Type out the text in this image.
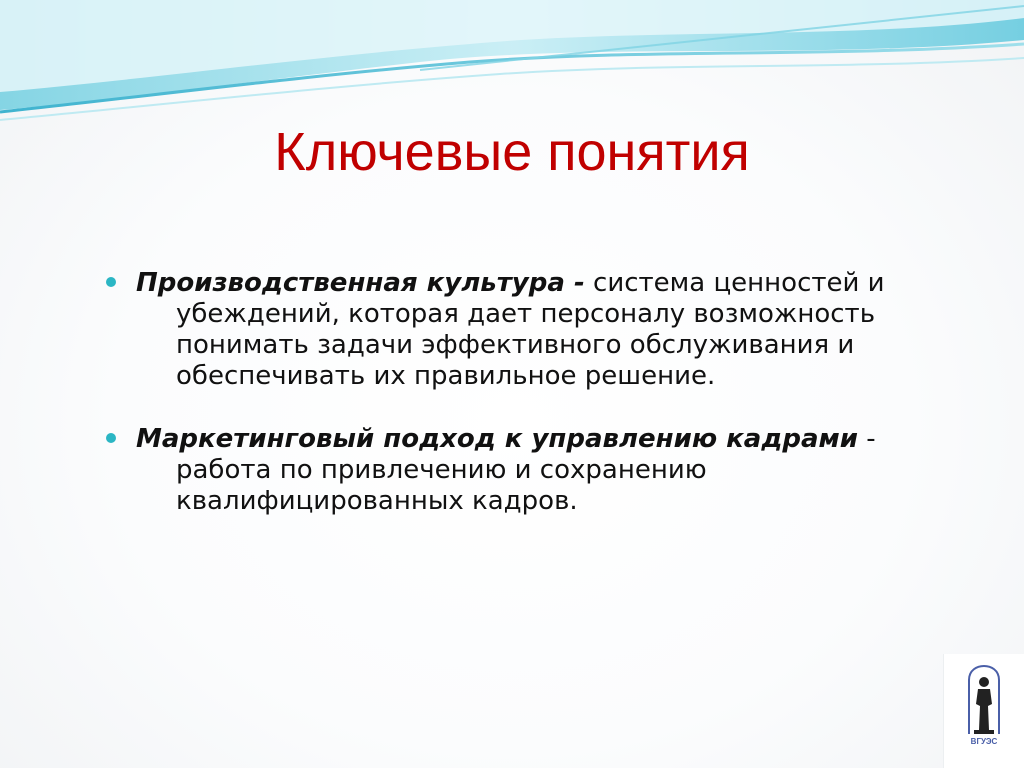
Ключевые понятия
Производственная культура - система ценностей и убеждений, которая дает персоналу возможность понимать задачи эффективного обслуживания и обеспечивать их правильное решение.
Маркетинговый подход к управлению кадрами - работа по привлечению и сохранению квалифицированных кадров.
ВГУЭС
